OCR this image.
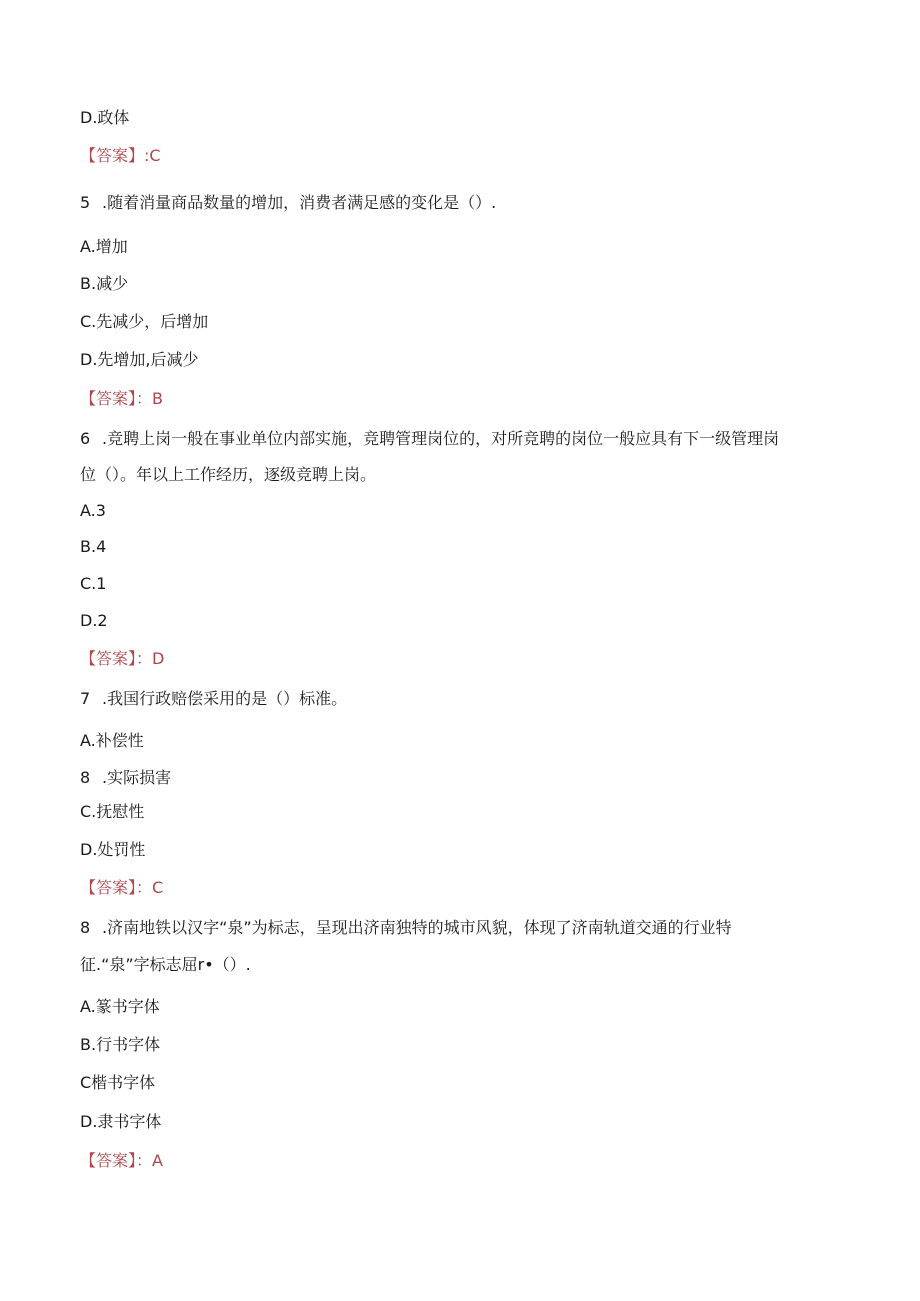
D.政体
【答案】:C
5 .随着消量商品数量的增加，消费者满足感的变化是（）.
A.增加
B.减少
C.先减少，后增加
D.先增加,后减少
【答案】：B
6 .竞聘上岗一般在事业单位内部实施，竞聘管理岗位的，对所竞聘的岗位一般应具有下一级管理岗
位（）。年以上工作经历，逐级竞聘上岗。
A.3
B.4
C.1
D.2
【答案】：D
7 .我国行政赔偿采用的是（）标准。
A.补偿性
8 .实际损害
C.抚慰性
D.处罚性
【答案】：C
8 .济南地铁以汉字“泉”为标志，呈现出济南独特的城市风貌，体现了济南轨道交通的行业特
征.“泉”字标志屈r•（）.
A.篆书字体
B.行书字体
C楷书字体
D.隶书字体
【答案】：A
